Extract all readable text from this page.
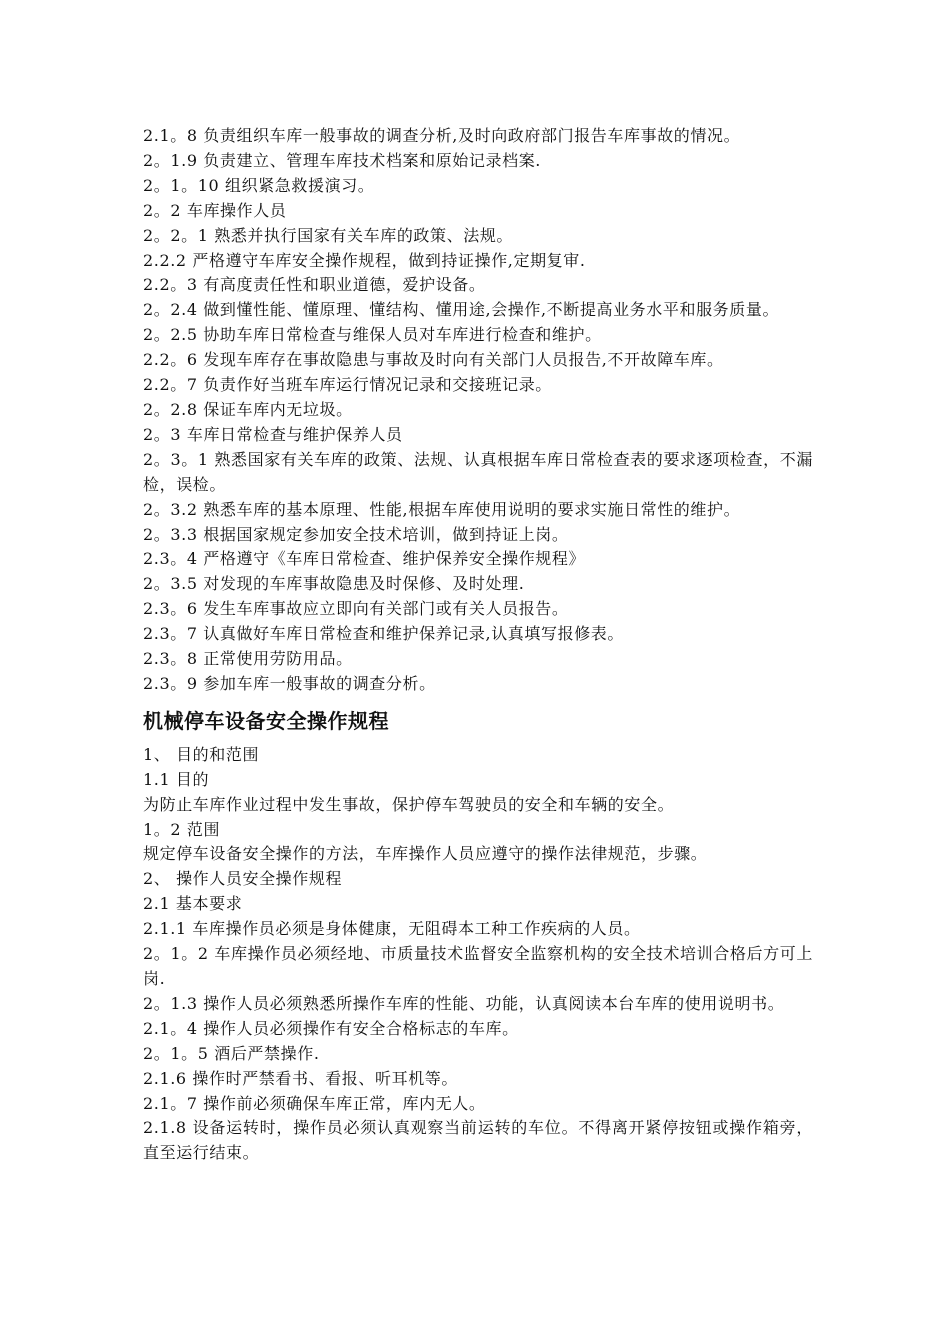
2.1。8 负责组织车库一般事故的调查分析,及时向政府部门报告车库事故的情况。
2。1.9 负责建立、管理车库技术档案和原始记录档案.
2。1。10 组织紧急救援演习。
2。2 车库操作人员
2。2。1 熟悉并执行国家有关车库的政策、法规。
2.2.2 严格遵守车库安全操作规程，做到持证操作,定期复审.
2.2。3 有高度责任性和职业道德，爱护设备。
2。2.4 做到懂性能、懂原理、懂结构、懂用途,会操作,不断提高业务水平和服务质量。
2。2.5 协助车库日常检查与维保人员对车库进行检查和维护。
2.2。6 发现车库存在事故隐患与事故及时向有关部门人员报告,不开故障车库。
2.2。7 负责作好当班车库运行情况记录和交接班记录。
2。2.8 保证车库内无垃圾。
2。3 车库日常检查与维护保养人员
2。3。1 熟悉国家有关车库的政策、法规、认真根据车库日常检查表的要求逐项检查，不漏检，误检。
2。3.2 熟悉车库的基本原理、性能,根据车库使用说明的要求实施日常性的维护。
2。3.3 根据国家规定参加安全技术培训，做到持证上岗。
2.3。4 严格遵守《车库日常检查、维护保养安全操作规程》
2。3.5 对发现的车库事故隐患及时保修、及时处理.
2.3。6 发生车库事故应立即向有关部门或有关人员报告。
2.3。7 认真做好车库日常检查和维护保养记录,认真填写报修表。
2.3。8 正常使用劳防用品。
2.3。9 参加车库一般事故的调查分析。
机械停车设备安全操作规程
1、 目的和范围
1.1 目的
为防止车库作业过程中发生事故，保护停车驾驶员的安全和车辆的安全。
1。2 范围
规定停车设备安全操作的方法，车库操作人员应遵守的操作法律规范，步骤。
2、 操作人员安全操作规程
2.1 基本要求
2.1.1 车库操作员必须是身体健康，无阻碍本工种工作疾病的人员。
2。1。2 车库操作员必须经地、市质量技术监督安全监察机构的安全技术培训合格后方可上岗.
2。1.3 操作人员必须熟悉所操作车库的性能、功能，认真阅读本台车库的使用说明书。
2.1。4 操作人员必须操作有安全合格标志的车库。
2。1。5 酒后严禁操作.
2.1.6 操作时严禁看书、看报、听耳机等。
2.1。7 操作前必须确保车库正常，库内无人。
2.1.8 设备运转时，操作员必须认真观察当前运转的车位。不得离开紧停按钮或操作箱旁，直至运行结束。
